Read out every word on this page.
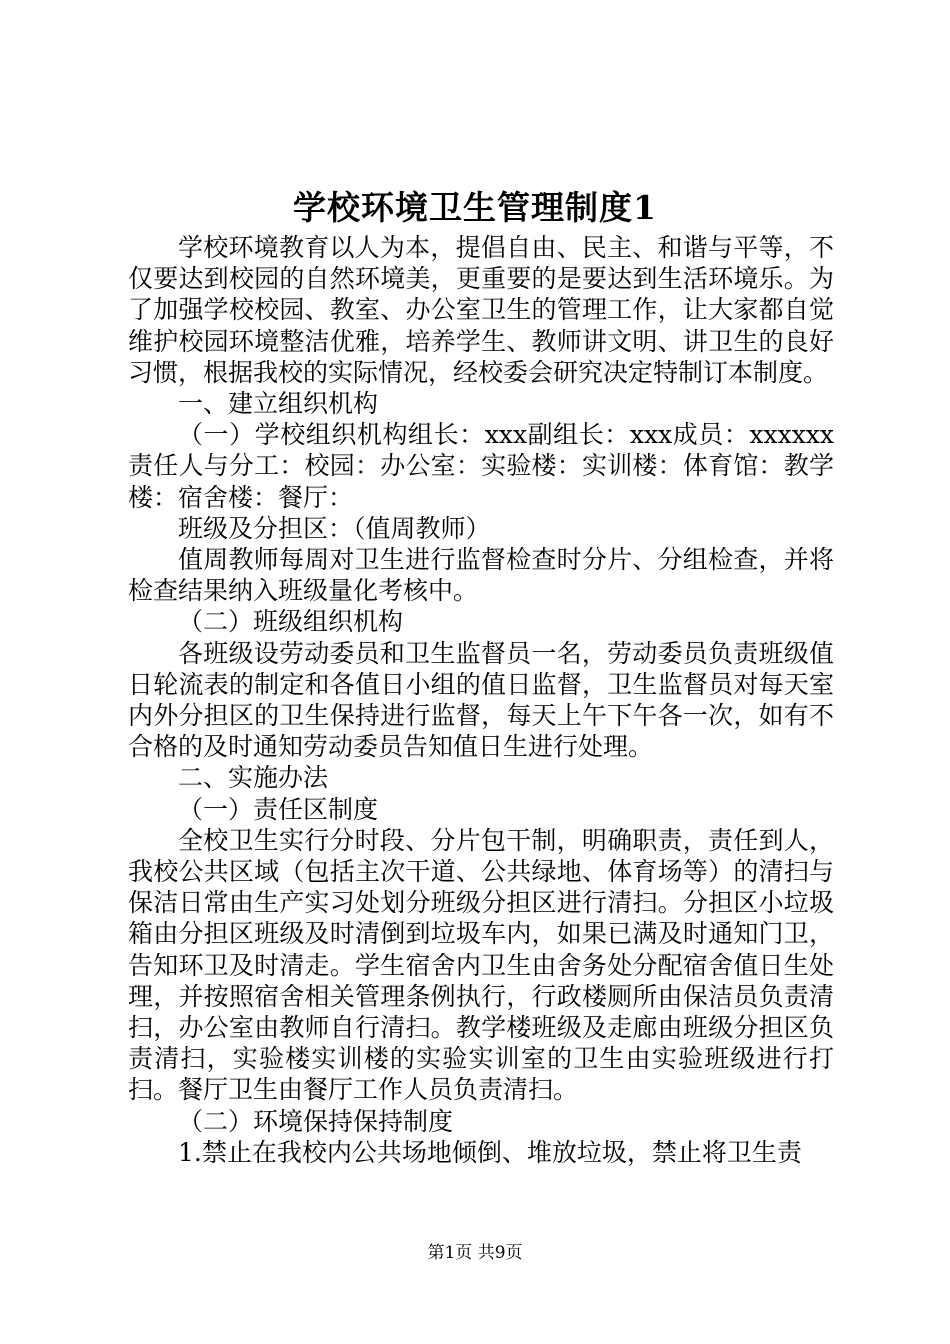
学校环境卫生管理制度1

学校环境教育以人为本，提倡自由、民主、和谐与平等，不仅要达到校园的自然环境美，更重要的是要达到生活环境乐。为了加强学校校园、教室、办公室卫生的管理工作，让大家都自觉维护校园环境整洁优雅，培养学生、教师讲文明、讲卫生的良好习惯，根据我校的实际情况，经校委会研究决定特制订本制度。

一、建立组织机构

（一）学校组织机构组长：xxx副组长：xxx成员：xxxxxx责任人与分工：校园：办公室：实验楼：实训楼：体育馆：教学楼：宿舍楼：餐厅：

班级及分担区：（值周教师）

值周教师每周对卫生进行监督检查时分片、分组检查，并将检查结果纳入班级量化考核中。

（二）班级组织机构

各班级设劳动委员和卫生监督员一名，劳动委员负责班级值日轮流表的制定和各值日小组的值日监督，卫生监督员对每天室内外分担区的卫生保持进行监督，每天上午下午各一次，如有不合格的及时通知劳动委员告知值日生进行处理。

二、实施办法

（一）责任区制度

全校卫生实行分时段、分片包干制，明确职责，责任到人，我校公共区域（包括主次干道、公共绿地、体育场等）的清扫与保洁日常由生产实习处划分班级分担区进行清扫。分担区小垃圾箱由分担区班级及时清倒到垃圾车内，如果已满及时通知门卫，告知环卫及时清走。学生宿舍内卫生由舍务处分配宿舍值日生处理，并按照宿舍相关管理条例执行，行政楼厕所由保洁员负责清扫，办公室由教师自行清扫。教学楼班级及走廊由班级分担区负责清扫，实验楼实训楼的实验实训室的卫生由实验班级进行打扫。餐厅卫生由餐厅工作人员负责清扫。

（二）环境保持保持制度

1.禁止在我校内公共场地倾倒、堆放垃圾，禁止将卫生责

第1页 共9页
